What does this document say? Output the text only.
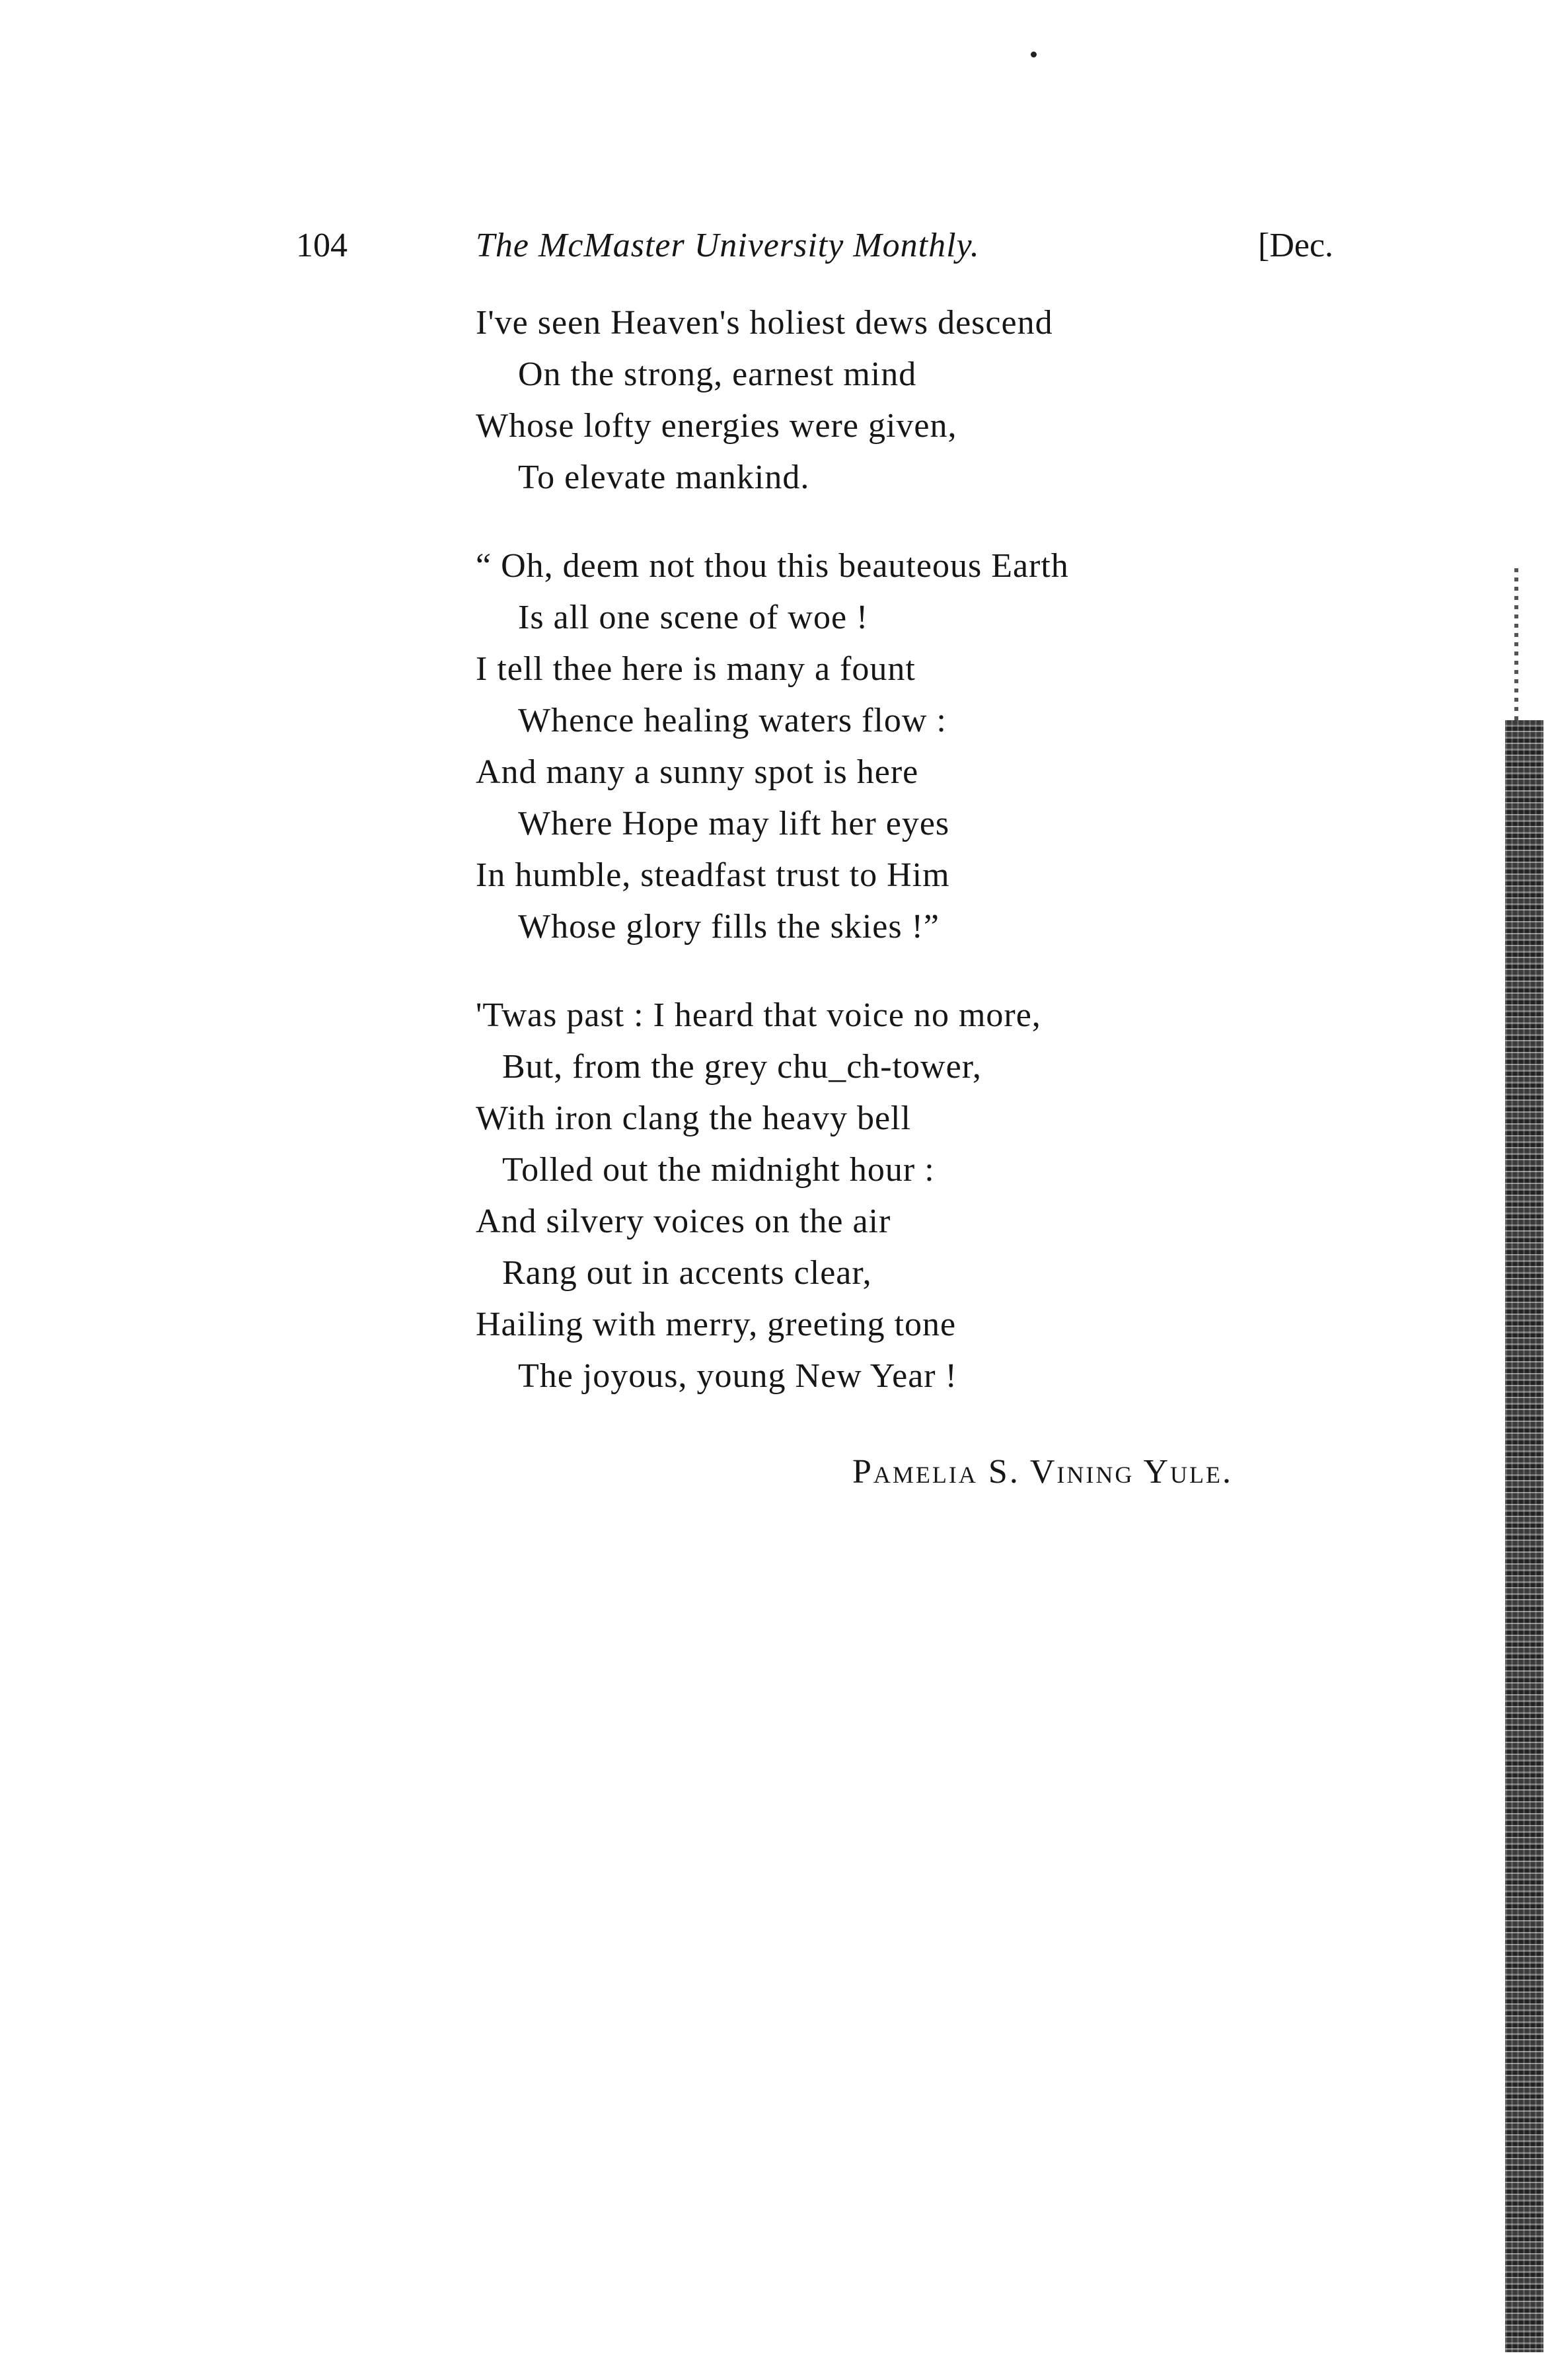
104	The McMaster University Monthly.	[Dec.
I've seen Heaven's holiest dews descend
On the strong, earnest mind
Whose lofty energies were given,
To elevate mankind.
“ Oh, deem not thou this beauteous Earth
Is all one scene of woe !
I tell thee here is many a fount
Whence healing waters flow :
And many a sunny spot is here
Where Hope may lift her eyes
In humble, steadfast trust to Him
Whose glory fills the skies !”
'Twas past : I heard that voice no more,
But, from the grey chu_ch-tower,
With iron clang the heavy bell
Tolled out the midnight hour :
And silvery voices on the air
Rang out in accents clear,
Hailing with merry, greeting tone
The joyous, young New Year !
Pamelia S. Vining Yule.
